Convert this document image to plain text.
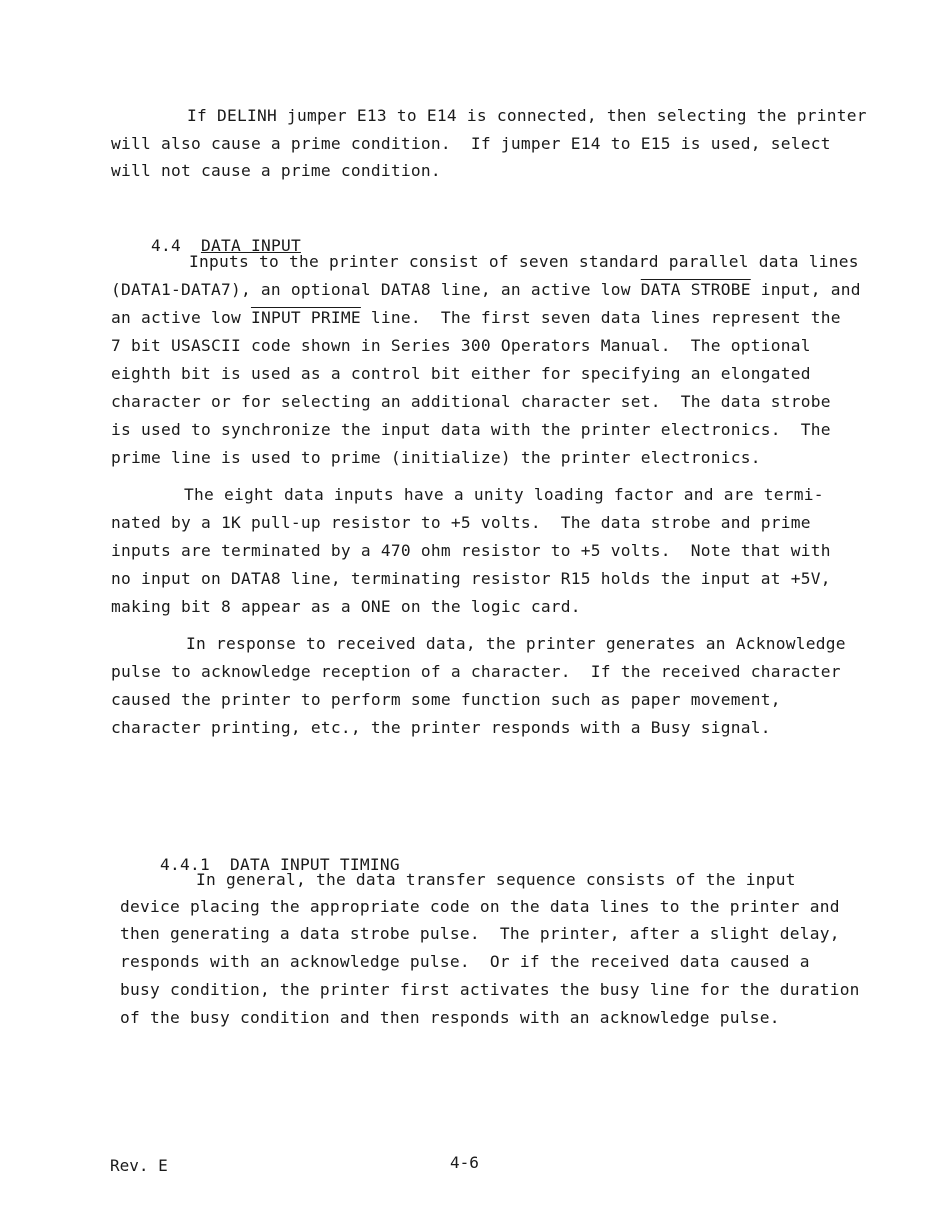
If DELINH jumper E13 to E14 is connected, then selecting the printer
will also cause a prime condition.  If jumper E14 to E15 is used, select
will not cause a prime condition.

4.4 DATA INPUT

Inputs to the printer consist of seven standard parallel data lines
(DATA1-DATA7), an optional DATA8 line, an active low DATA STROBE input, and
an active low INPUT PRIME line.  The first seven data lines represent the
7 bit USASCII code shown in Series 300 Operators Manual.  The optional
eighth bit is used as a control bit either for specifying an elongated
character or for selecting an additional character set.  The data strobe
is used to synchronize the input data with the printer electronics.  The
prime line is used to prime (initialize) the printer electronics.
The eight data inputs have a unity loading factor and are termi-
nated by a 1K pull-up resistor to +5 volts.  The data strobe and prime
inputs are terminated by a 470 ohm resistor to +5 volts.  Note that with
no input on DATA8 line, terminating resistor R15 holds the input at +5V,
making bit 8 appear as a ONE on the logic card.
In response to received data, the printer generates an Acknowledge
pulse to acknowledge reception of a character.  If the received character
caused the printer to perform some function such as paper movement,
character printing, etc., the printer responds with a Busy signal.

4.4.1 DATA INPUT TIMING

In general, the data transfer sequence consists of the input
device placing the appropriate code on the data lines to the printer and
then generating a data strobe pulse.  The printer, after a slight delay,
responds with an acknowledge pulse.  Or if the received data caused a
busy condition, the printer first activates the busy line for the duration
of the busy condition and then responds with an acknowledge pulse.
Rev. E	4-6
